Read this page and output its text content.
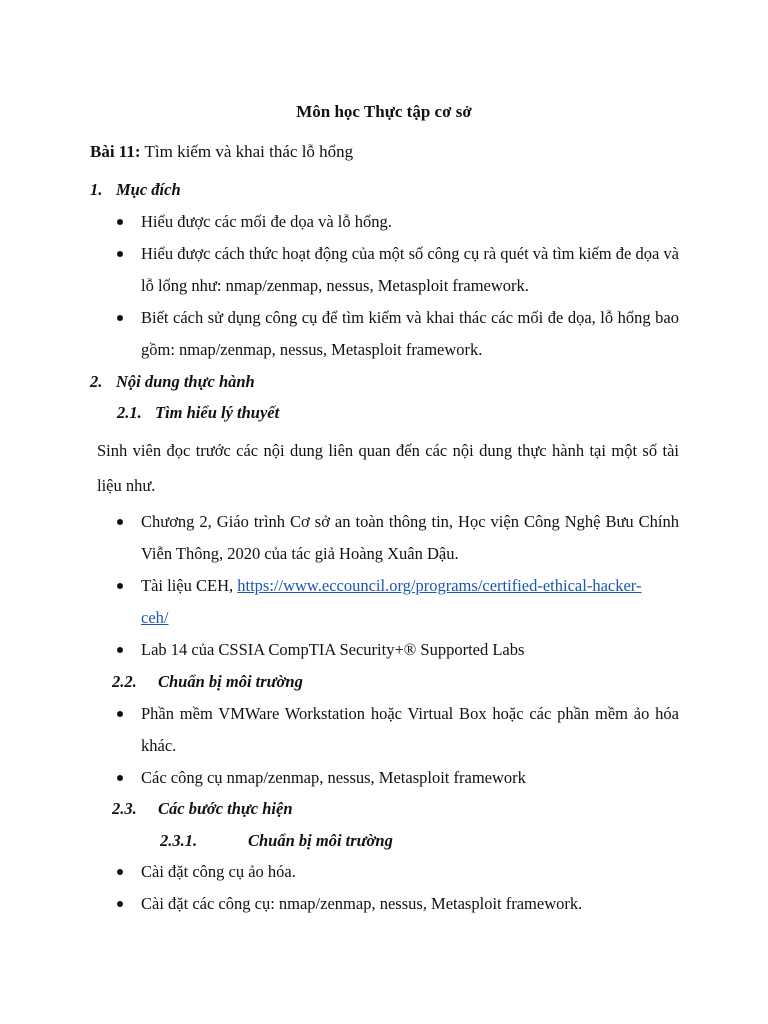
Môn học Thực tập cơ sở
Bài 11: Tìm kiếm và khai thác lỗ hổng
1. Mục đích
Hiểu được các mối đe dọa và lỗ hổng.
Hiểu được cách thức hoạt động của một số công cụ rà quét và tìm kiếm đe dọa và lỗ lổng như: nmap/zenmap, nessus, Metasploit framework.
Biết cách sử dụng công cụ để tìm kiếm và khai thác các mối đe dọa, lỗ hổng bao gồm: nmap/zenmap, nessus, Metasploit framework.
2. Nội dung thực hành
2.1. Tìm hiểu lý thuyết
Sinh viên đọc trước các nội dung liên quan đến các nội dung thực hành tại một số tài liệu như.
Chương 2, Giáo trình Cơ sở an toàn thông tin, Học viện Công Nghệ Bưu Chính Viễn Thông, 2020 của tác giả Hoàng Xuân Dậu.
Tài liệu CEH, https://www.eccouncil.org/programs/certified-ethical-hacker-
ceh/
Lab 14 của CSSIA CompTIA Security+® Supported Labs
2.2. Chuẩn bị môi trường
Phần mềm VMWare Workstation hoặc Virtual Box hoặc các phần mềm ảo hóa khác.
Các công cụ nmap/zenmap, nessus, Metasploit framework
2.3. Các bước thực hiện
2.3.1.	Chuẩn bị môi trường
Cài đặt công cụ ảo hóa.
Cài đặt các công cụ: nmap/zenmap, nessus, Metasploit framework.
